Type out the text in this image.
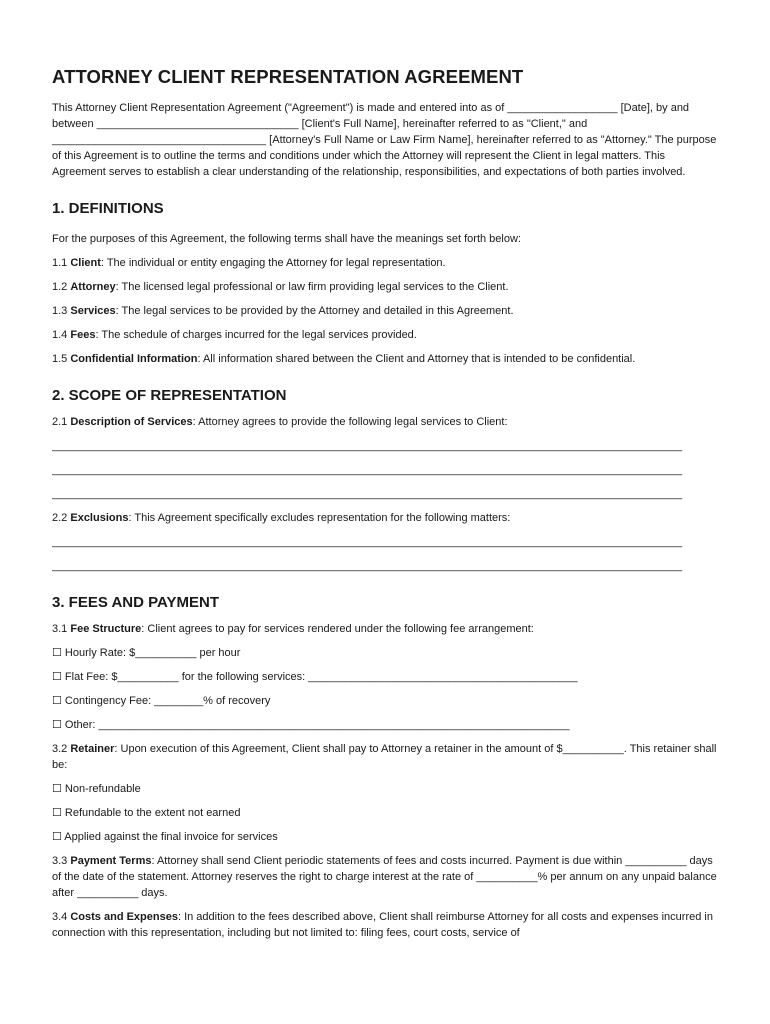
ATTORNEY CLIENT REPRESENTATION AGREEMENT

This Attorney Client Representation Agreement ("Agreement") is made and entered into as of __________________ [Date], by and between _________________________________ [Client's Full Name], hereinafter referred to as "Client," and ___________________________________ [Attorney's Full Name or Law Firm Name], hereinafter referred to as "Attorney." The purpose of this Agreement is to outline the terms and conditions under which the Attorney will represent the Client in legal matters. This Agreement serves to establish a clear understanding of the relationship, responsibilities, and expectations of both parties involved.

1. DEFINITIONS

For the purposes of this Agreement, the following terms shall have the meanings set forth below:

1.1 Client: The individual or entity engaging the Attorney for legal representation.

1.2 Attorney: The licensed legal professional or law firm providing legal services to the Client.

1.3 Services: The legal services to be provided by the Attorney and detailed in this Agreement.

1.4 Fees: The schedule of charges incurred for the legal services provided.

1.5 Confidential Information: All information shared between the Client and Attorney that is intended to be confidential.

2. SCOPE OF REPRESENTATION

2.1 Description of Services: Attorney agrees to provide the following legal services to Client:

_______________________________________________________________________________________________________
_______________________________________________________________________________________________________
_______________________________________________________________________________________________________

2.2 Exclusions: This Agreement specifically excludes representation for the following matters:

_______________________________________________________________________________________________________
_______________________________________________________________________________________________________
3. FEES AND PAYMENT

3.1 Fee Structure: Client agrees to pay for services rendered under the following fee arrangement:

☐ Hourly Rate: $__________ per hour

☐ Flat Fee: $__________ for the following services: ____________________________________________

☐ Contingency Fee: ________% of recovery

☐ Other: _____________________________________________________________________________

3.2 Retainer: Upon execution of this Agreement, Client shall pay to Attorney a retainer in the amount of $__________. This retainer shall be:

☐ Non-refundable

☐ Refundable to the extent not earned

☐ Applied against the final invoice for services

3.3 Payment Terms: Attorney shall send Client periodic statements of fees and costs incurred. Payment is due within __________ days of the date of the statement. Attorney reserves the right to charge interest at the rate of __________% per annum on any unpaid balance after __________ days.

3.4 Costs and Expenses: In addition to the fees described above, Client shall reimburse Attorney for all costs and expenses incurred in connection with this representation, including but not limited to: filing fees, court costs, service of
